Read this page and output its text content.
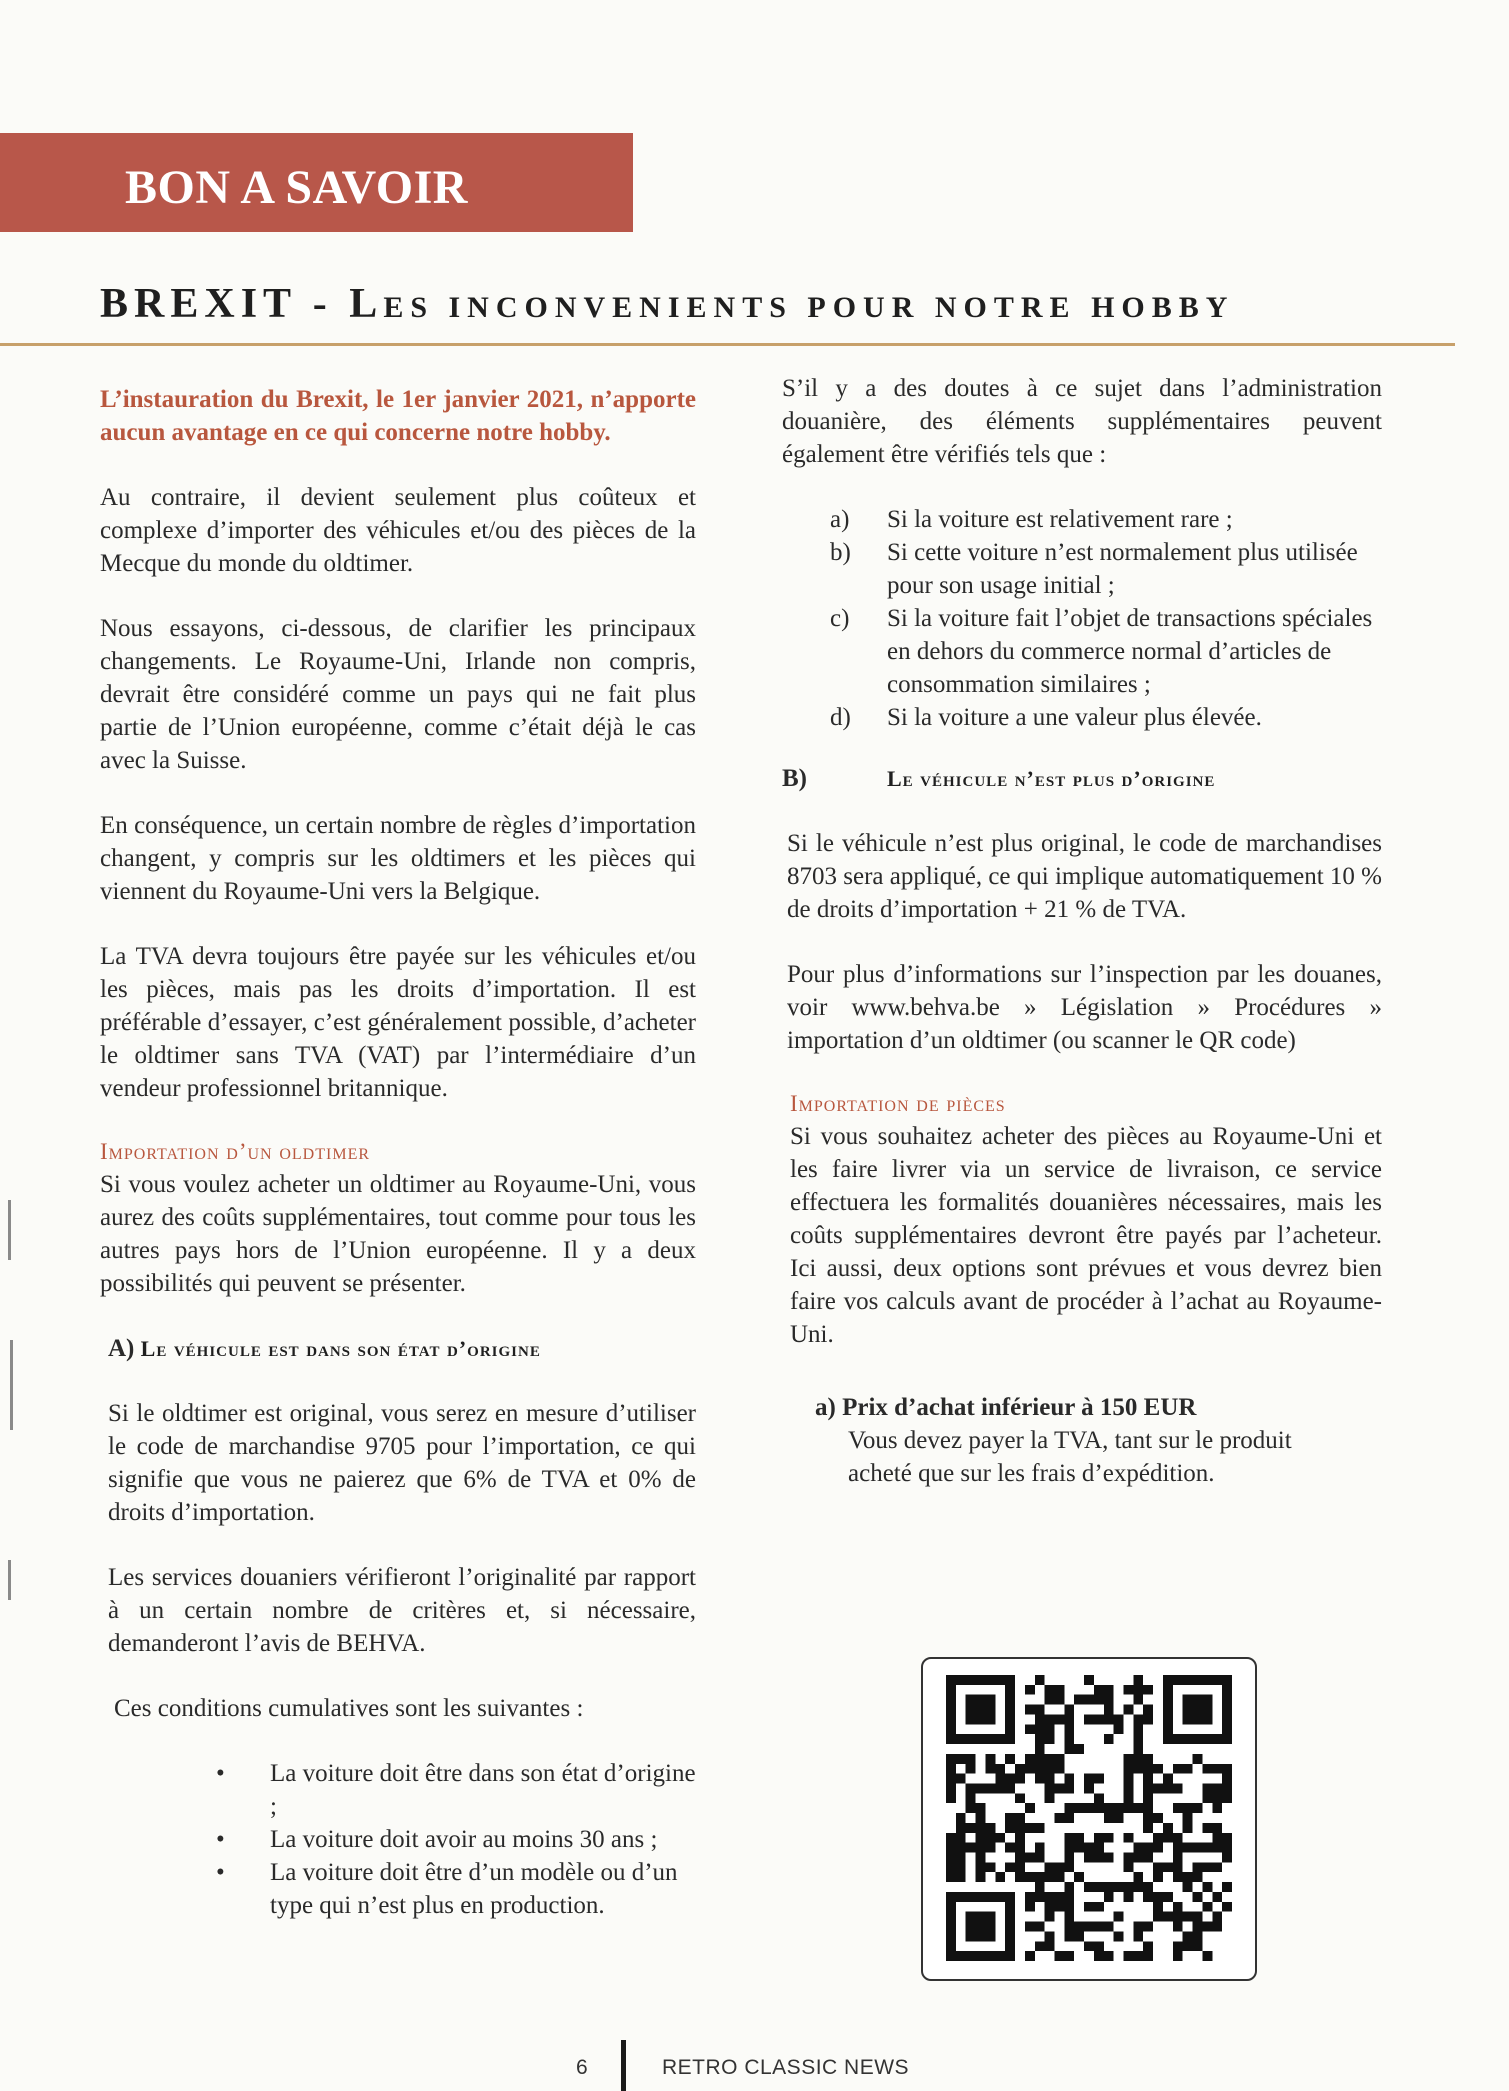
BON A SAVOIR
BREXIT - LES INCONVENIENTS POUR NOTRE HOBBY

L’instauration du Brexit, le 1er janvier 2021, n’apporte aucun avantage en ce qui concerne notre hobby.

Au contraire, il devient seulement plus coûteux et complexe d’importer des véhicules et/ou des pièces de la Mecque du monde du oldtimer.

Nous essayons, ci-dessous, de clarifier les principaux changements. Le Royaume-Uni, Irlande non compris, devrait être considéré comme un pays qui ne fait plus partie de l’Union européenne, comme c’était déjà le cas avec la Suisse.

En conséquence, un certain nombre de règles d’importation changent, y compris sur les oldtimers et les pièces qui viennent du Royaume-Uni vers la Belgique.

La TVA devra toujours être payée sur les véhicules et/ou les pièces, mais pas les droits d’importation. Il est préférable d’essayer, c’est généralement possible, d’acheter le oldtimer sans TVA (VAT) par l’intermédiaire d’un vendeur professionnel britannique.

Importation d’un oldtimer

Si vous voulez acheter un oldtimer au Royaume-Uni, vous aurez des coûts supplémentaires, tout comme pour tous les autres pays hors de l’Union européenne. Il y a deux possibilités qui peuvent se présenter.

A) Le véhicule est dans son état d’origine

Si le oldtimer est original, vous serez en mesure d’utiliser le code de marchandise 9705 pour l’importation, ce qui signifie que vous ne paierez que 6% de TVA et 0% de droits d’importation.

Les services douaniers vérifieront l’originalité par rapport à un certain nombre de critères et, si nécessaire, demanderont l’avis de BEHVA.

Ces conditions cumulatives sont les suivantes :

• La voiture doit être dans son état d’origine ;
• La voiture doit avoir au moins 30 ans ;
• La voiture doit être d’un modèle ou d’un type qui n’est plus en production.

S’il y a des doutes à ce sujet dans l’administration douanière, des éléments supplémentaires peuvent également être vérifiés tels que :

a) Si la voiture est relativement rare ;
b) Si cette voiture n’est normalement plus utilisée pour son usage initial ;
c) Si la voiture fait l’objet de transactions spéciales en dehors du commerce normal d’articles de consommation similaires ;
d) Si la voiture a une valeur plus élevée.

B)	Le véhicule n’est plus d’origine

Si le véhicule n’est plus original, le code de marchandises 8703 sera appliqué, ce qui implique automatiquement 10 % de droits d’importation + 21 % de TVA.

Pour plus d’informations sur l’inspection par les douanes, voir www.behva.be » Législation » Procédures » importation d’un oldtimer (ou scanner le QR code)

Importation de pièces

Si vous souhaitez acheter des pièces au Royaume-Uni et les faire livrer via un service de livraison, ce service effectuera les formalités douanières nécessaires, mais les coûts supplémentaires devront être payés par l’acheteur. Ici aussi, deux options sont prévues et vous devrez bien faire vos calculs avant de procéder à l’achat au Royaume-Uni.

a) Prix d’achat inférieur à 150 EUR

Vous devez payer la TVA, tant sur le produit acheté que sur les frais d’expédition.

6	RETRO CLASSIC NEWS
